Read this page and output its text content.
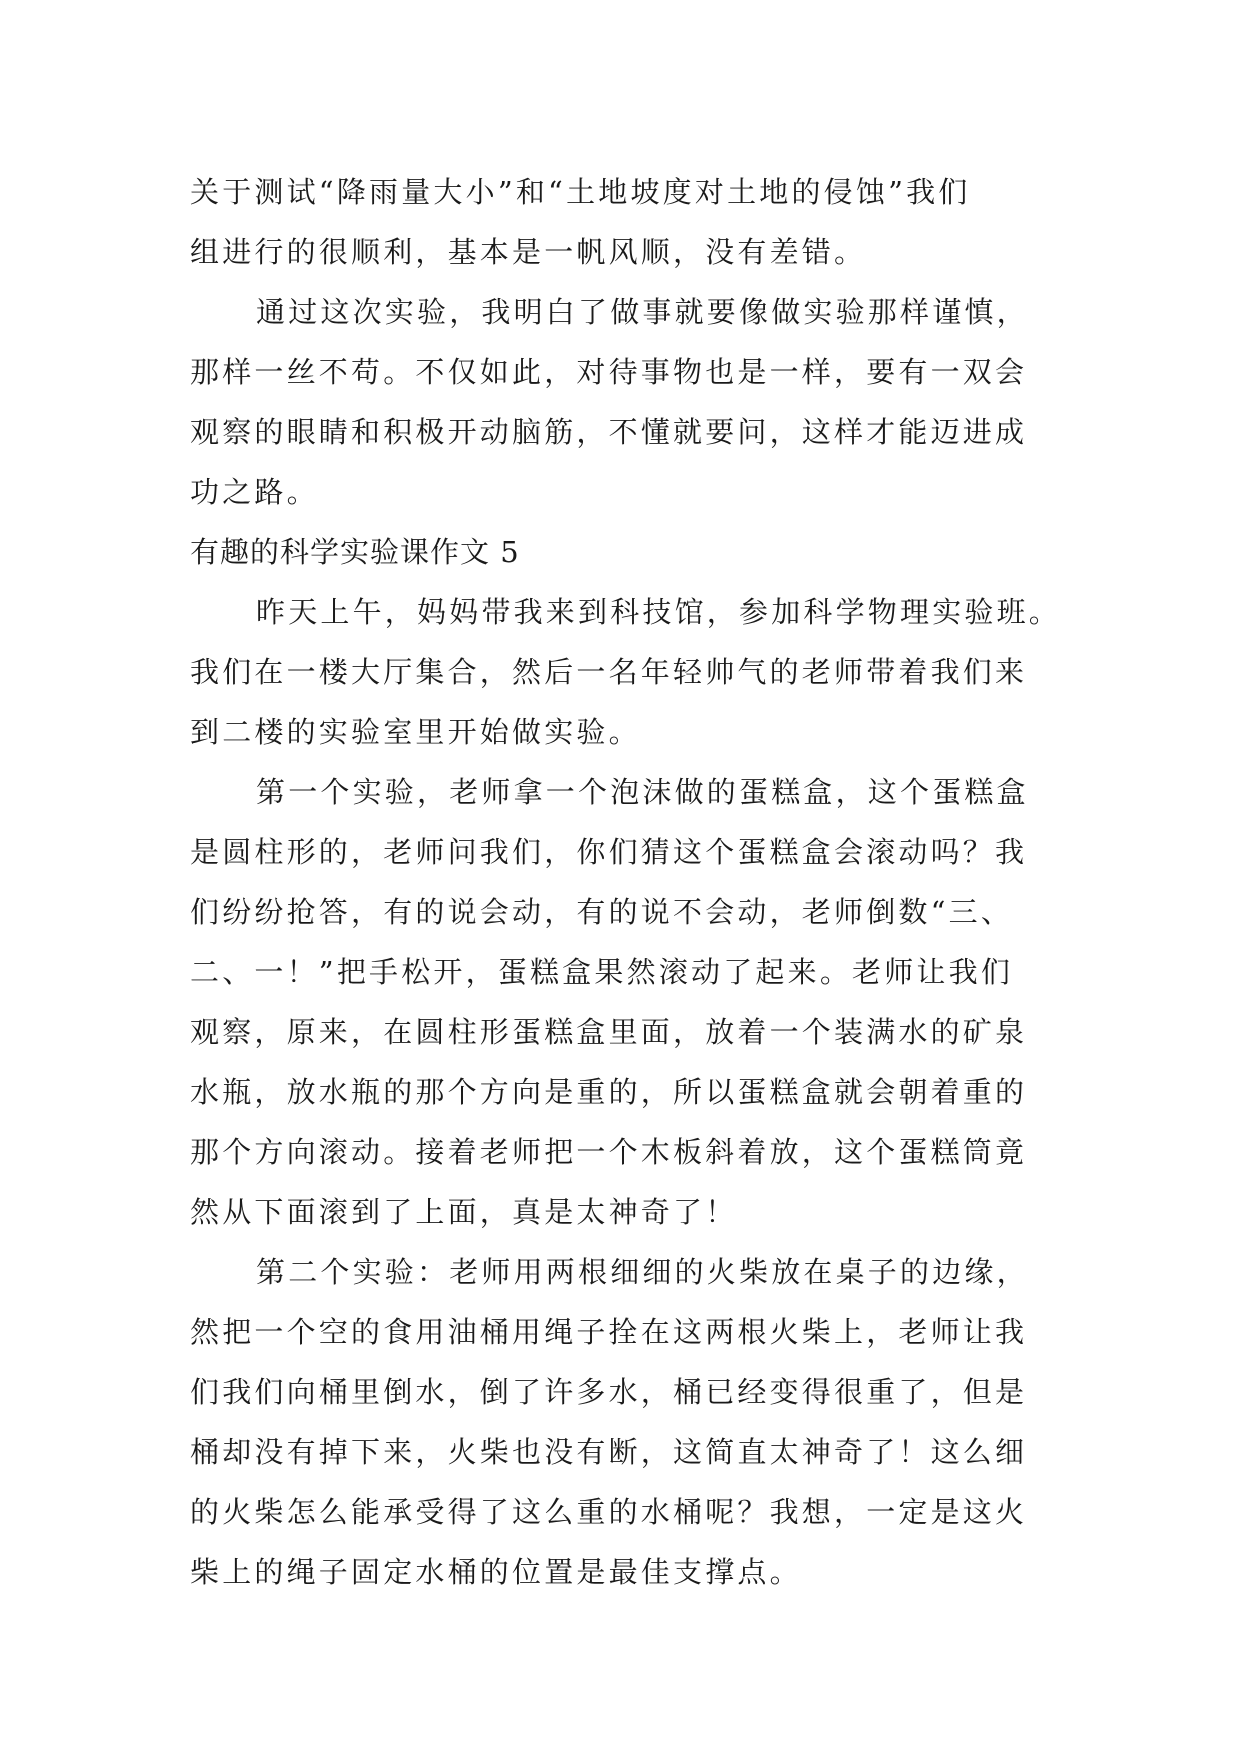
关于测试“降雨量大小”和“土地坡度对土地的侵蚀”我们
组进行的很顺利，基本是一帆风顺，没有差错。
通过这次实验，我明白了做事就要像做实验那样谨慎，
那样一丝不苟。不仅如此，对待事物也是一样，要有一双会
观察的眼睛和积极开动脑筋，不懂就要问，这样才能迈进成
功之路。
有趣的科学实验课作文 5
昨天上午，妈妈带我来到科技馆，参加科学物理实验班。
我们在一楼大厅集合，然后一名年轻帅气的老师带着我们来
到二楼的实验室里开始做实验。
第一个实验，老师拿一个泡沫做的蛋糕盒，这个蛋糕盒
是圆柱形的，老师问我们，你们猜这个蛋糕盒会滚动吗？我
们纷纷抢答，有的说会动，有的说不会动，老师倒数“三、
二、一！”把手松开，蛋糕盒果然滚动了起来。老师让我们
观察，原来，在圆柱形蛋糕盒里面，放着一个装满水的矿泉
水瓶，放水瓶的那个方向是重的，所以蛋糕盒就会朝着重的
那个方向滚动。接着老师把一个木板斜着放，这个蛋糕筒竟
然从下面滚到了上面，真是太神奇了！
第二个实验：老师用两根细细的火柴放在桌子的边缘，
然把一个空的食用油桶用绳子拴在这两根火柴上，老师让我
们我们向桶里倒水，倒了许多水，桶已经变得很重了，但是
桶却没有掉下来，火柴也没有断，这简直太神奇了！这么细
的火柴怎么能承受得了这么重的水桶呢？我想，一定是这火
柴上的绳子固定水桶的位置是最佳支撑点。
